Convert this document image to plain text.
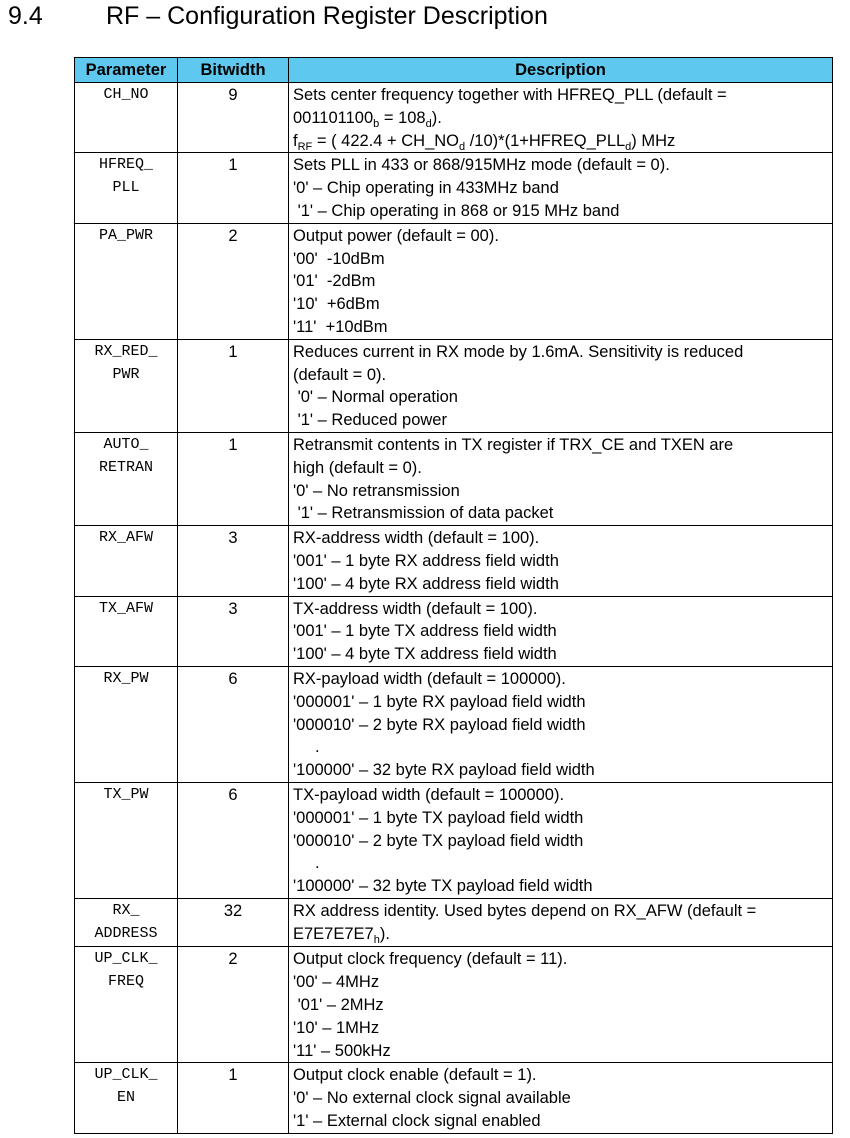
9.4	RF – Configuration Register Description
Parameter	Bitwidth	Description

CH_NO	9	Sets center frequency together with HFREQ_PLL (default =
$001101100_b = 108_d$).
$f_{RF}$ = ( $422.4 + CH\_NO_d$ $/10)*(1+HFREQ\_PLL_d)$ MHz

HFREQ_
PLL	1	Sets PLL in 433 or 868/915MHz mode (default = 0).
'0' – Chip operating in 433MHz band
'1' – Chip operating in 868 or 915 MHz band

PA_PWR	2	Output power (default = 00).
'00'  -10dBm
'01'  -2dBm
'10'  +6dBm
'11'  +10dBm

RX_RED_
PWR	1	Reduces current in RX mode by 1.6mA. Sensitivity is reduced
(default = 0).
'0' – Normal operation
'1' – Reduced power

AUTO_
RETRAN	1	Retransmit contents in TX register if TRX_CE and TXEN are
high (default = 0).
'0' – No retransmission
'1' – Retransmission of data packet

RX_AFW	3	RX-address width (default = 100).
'001' – 1 byte RX address field width
'100' – 4 byte RX address field width

TX_AFW	3	TX-address width (default = 100).
'001' – 1 byte TX address field width
'100' – 4 byte TX address field width

RX_PW	6	RX-payload width (default = 100000).
'000001' – 1 byte RX payload field width
'000010' – 2 byte RX payload field width
.
'100000' – 32 byte RX payload field width

TX_PW	6	TX-payload width (default = 100000).
'000001' – 1 byte TX payload field width
'000010' – 2 byte TX payload field width
.
'100000' – 32 byte TX payload field width

RX_
ADDRESS	32	RX address identity. Used bytes depend on RX_AFW (default =
$E7E7E7E7_h$).

UP_CLK_
FREQ	2	Output clock frequency (default = 11).
'00' – 4MHz
'01' – 2MHz
'10' – 1MHz
'11' – 500kHz

UP_CLK_
EN	1	Output clock enable (default = 1).
'0' – No external clock signal available
'1' – External clock signal enabled
